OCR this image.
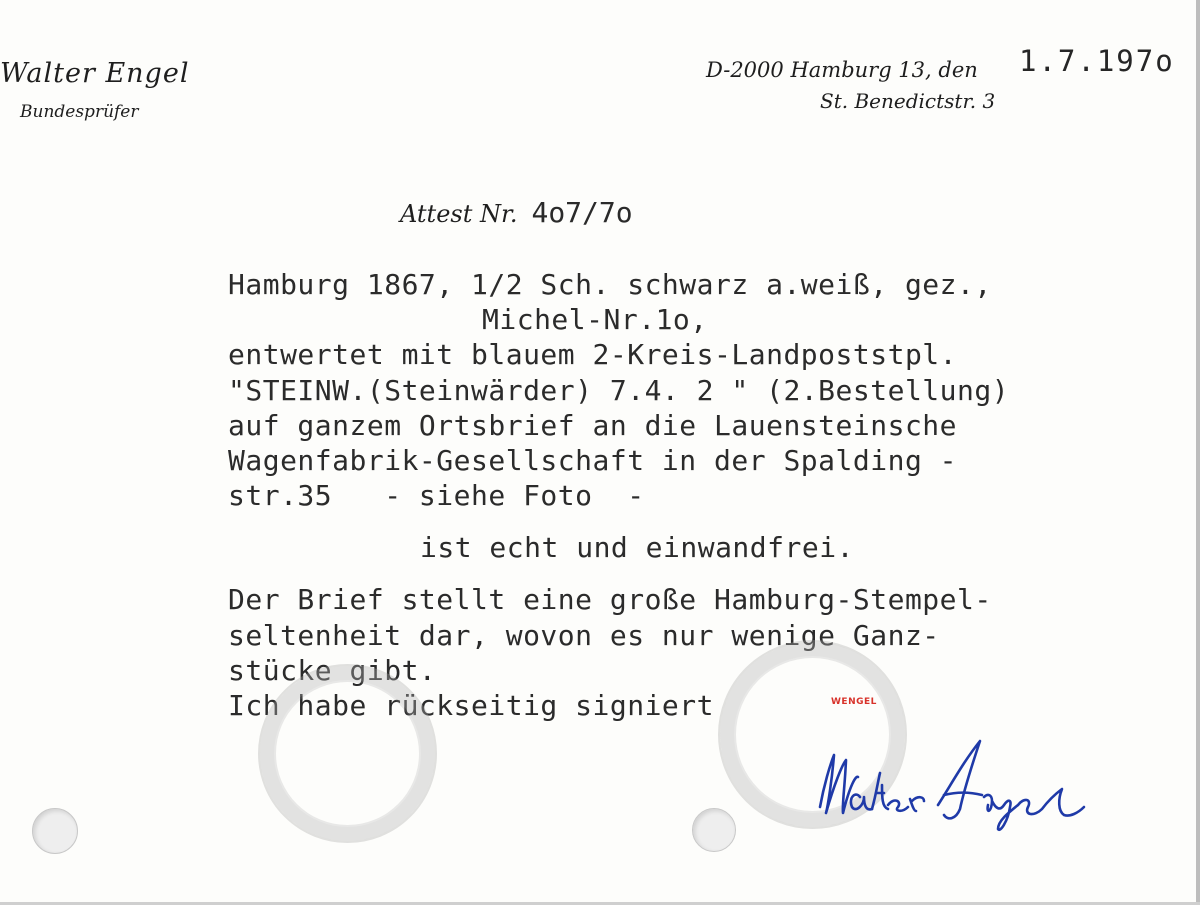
Walter Engel
Bundesprüfer
D-2000 Hamburg 13, den
St. Benedictstr. 3
1.7.197o
Attest Nr. 4o7/7o
Hamburg 1867, 1/2 Sch. schwarz a.weiß, gez.,
Michel-Nr.1o,
entwertet mit blauem 2-Kreis-Landpoststpl.
"STEINW.(Steinwärder) 7.4. 2 " (2.Bestellung)
auf ganzem Ortsbrief an die Lauensteinsche
Wagenfabrik-Gesellschaft in der Spalding -
str.35   - siehe Foto  -
ist echt und einwandfrei.
Der Brief stellt eine große Hamburg-Stempel-
seltenheit dar, wovon es nur wenige Ganz-
stücke gibt.
Ich habe rückseitig signiert	WENGEL
